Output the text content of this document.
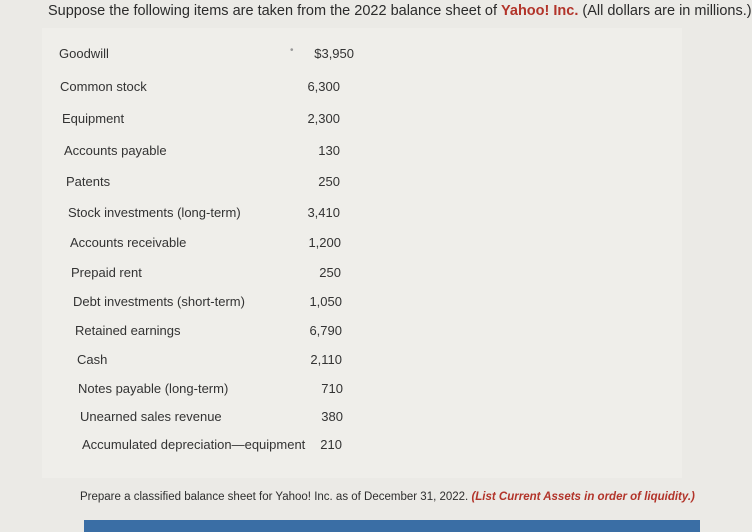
Suppose the following items are taken from the 2022 balance sheet of Yahoo! Inc. (All dollars are in millions.)
•
Goodwill	$3,950
Common stock	6,300
Equipment	2,300
Accounts payable	130
Patents	250
Stock investments (long-term)	3,410
Accounts receivable	1,200
Prepaid rent	250
Debt investments (short-term)	1,050
Retained earnings	6,790
Cash	2,110
Notes payable (long-term)	710
Unearned sales revenue	380
Accumulated depreciation—equipment	210
Prepare a classified balance sheet for Yahoo! Inc. as of December 31, 2022. (List Current Assets in order of liquidity.)
